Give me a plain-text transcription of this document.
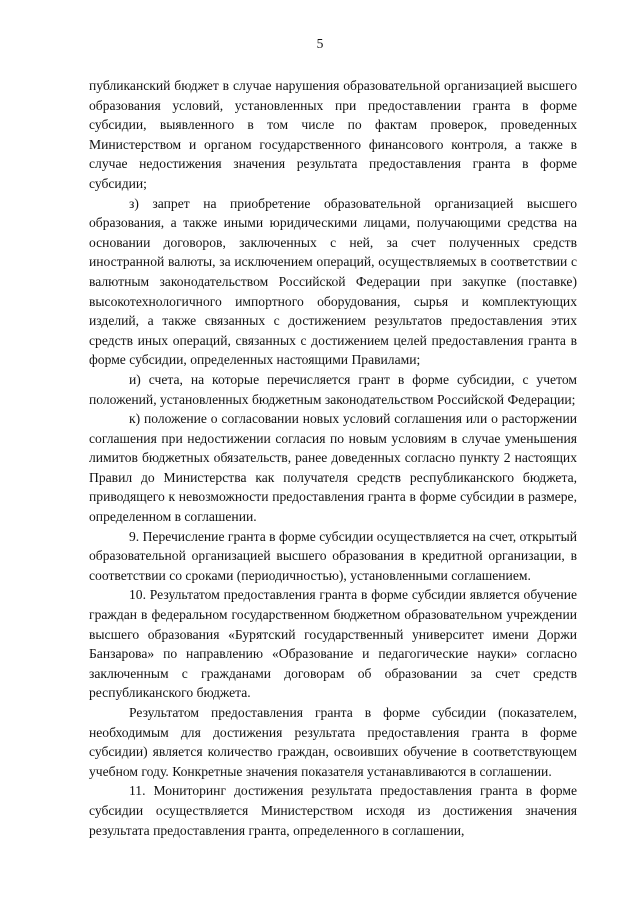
5

публиканский бюджет в случае нарушения образовательной организацией высшего образования условий, установленных при предоставлении гранта в форме субсидии, выявленного в том числе по фактам проверок, проведенных Министерством и органом государственного финансового контроля, а также в случае недостижения значения результата предоставления гранта в форме субсидии;

з) запрет на приобретение образовательной организацией высшего образования, а также иными юридическими лицами, получающими средства на основании договоров, заключенных с ней, за счет полученных средств иностранной валюты, за исключением операций, осуществляемых в соответствии с валютным законодательством Российской Федерации при закупке (поставке) высокотехнологичного импортного оборудования, сырья и комплектующих изделий, а также связанных с достижением результатов предоставления этих средств иных операций, связанных с достижением целей предоставления гранта в форме субсидии, определенных настоящими Правилами;

и) счета, на которые перечисляется грант в форме субсидии, с учетом положений, установленных бюджетным законодательством Российской Федерации;

к) положение о согласовании новых условий соглашения или о расторжении соглашения при недостижении согласия по новым условиям в случае уменьшения лимитов бюджетных обязательств, ранее доведенных согласно пункту 2 настоящих Правил до Министерства как получателя средств республиканского бюджета, приводящего к невозможности предоставления гранта в форме субсидии в размере, определенном в соглашении.

9. Перечисление гранта в форме субсидии осуществляется на счет, открытый образовательной организацией высшего образования в кредитной организации, в соответствии со сроками (периодичностью), установленными соглашением.

10. Результатом предоставления гранта в форме субсидии является обучение граждан в федеральном государственном бюджетном образовательном учреждении высшего образования «Бурятский государственный университет имени Доржи Банзарова» по направлению «Образование и педагогические науки» согласно заключенным с гражданами договорам об образовании за счет средств республиканского бюджета.

Результатом предоставления гранта в форме субсидии (показателем, необходимым для достижения результата предоставления гранта в форме субсидии) является количество граждан, освоивших обучение в соответствующем учебном году. Конкретные значения показателя устанавливаются в соглашении.

11. Мониторинг достижения результата предоставления гранта в форме субсидии осуществляется Министерством исходя из достижения значения результата предоставления гранта, определенного в соглашении,
